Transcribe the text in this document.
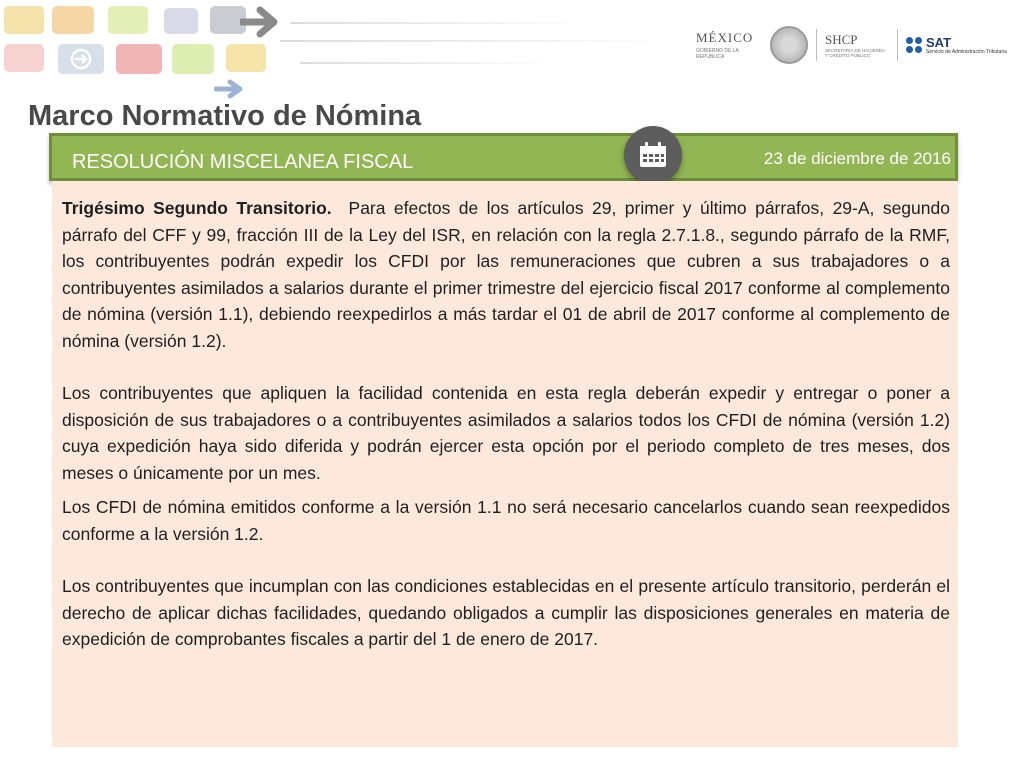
MÉXICO
GOBIERNO DE LA REPÚBLICA
SHCP
SECRETARÍA DE HACIENDA Y CRÉDITO PÚBLICO
SAT
Servicio de Administración Tributaria
Marco Normativo de Nómina
RESOLUCIÓN MISCELANEA FISCAL	23 de diciembre de 2016

Trigésimo Segundo Transitorio. Para efectos de los artículos 29, primer y último párrafos, 29-A, segundo párrafo del CFF y 99, fracción III de la Ley del ISR, en relación con la regla 2.7.1.8., segundo párrafo de la RMF, los contribuyentes podrán expedir los CFDI por las remuneraciones que cubren a sus trabajadores o a contribuyentes asimilados a salarios durante el primer trimestre del ejercicio fiscal 2017 conforme al complemento de nómina (versión 1.1), debiendo reexpedirlos a más tardar el 01 de abril de 2017 conforme al complemento de nómina (versión 1.2).

Los contribuyentes que apliquen la facilidad contenida en esta regla deberán expedir y entregar o poner a disposición de sus trabajadores o a contribuyentes asimilados a salarios todos los CFDI de nómina (versión 1.2) cuya expedición haya sido diferida y podrán ejercer esta opción por el periodo completo de tres meses, dos meses o únicamente por un mes.

Los CFDI de nómina emitidos conforme a la versión 1.1 no será necesario cancelarlos cuando sean reexpedidos conforme a la versión 1.2.

Los contribuyentes que incumplan con las condiciones establecidas en el presente artículo transitorio, perderán el derecho de aplicar dichas facilidades, quedando obligados a cumplir las disposiciones generales en materia de expedición de comprobantes fiscales a partir del 1 de enero de 2017.
